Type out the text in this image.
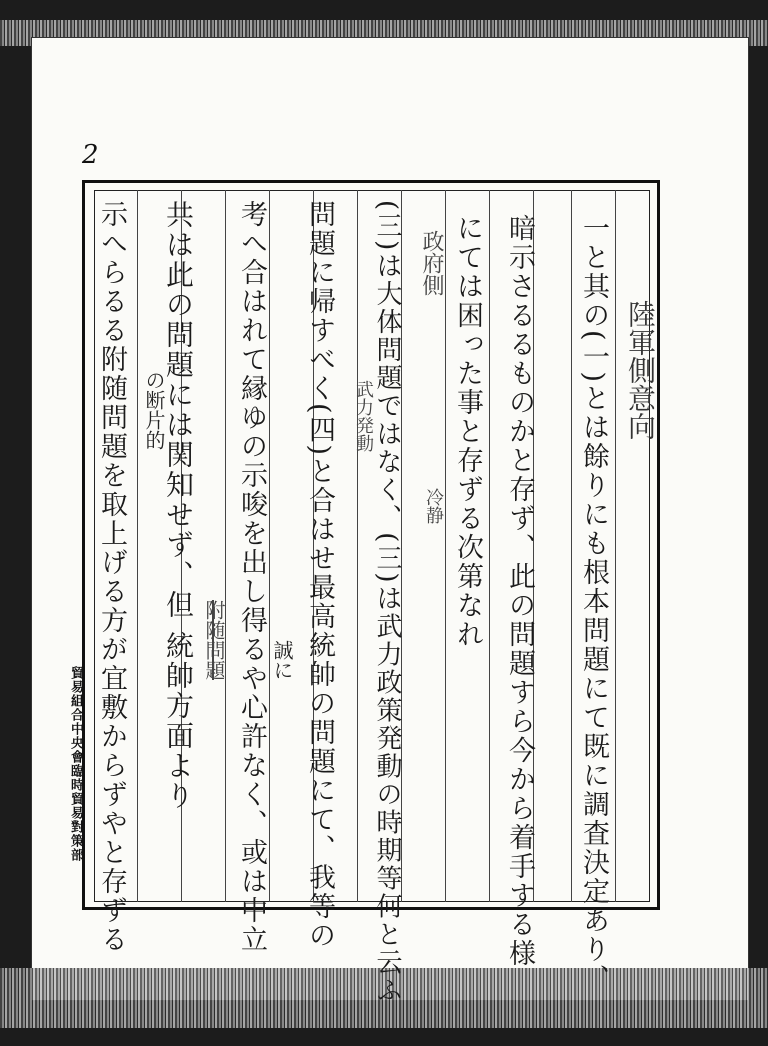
2
陸軍側意向
一と其の(一)とは餘りにも根本問題にて既に調査決定あり、
暗示さるるものかと存ず、此の問題すら今から着手する様
にては困った事と存ずる次第なれ
(三)は大体問題ではなく、(三)は武力政策発動の時期等何と云ふ
問題に帰すべく(四)と合はせ最高統帥の問題にて、我等の
考へ合はれて縁ゆの示唆を出し得るや心許なく、或は中立
共は此の問題には関知せず、但 統帥方面より
示へらるる附随問題を取上げる方が宜敷からずやと存ずる	政府側
武力発動
冷静
誠に
附随問題
の断片的
貿易組合中央會臨時貿易對策部
